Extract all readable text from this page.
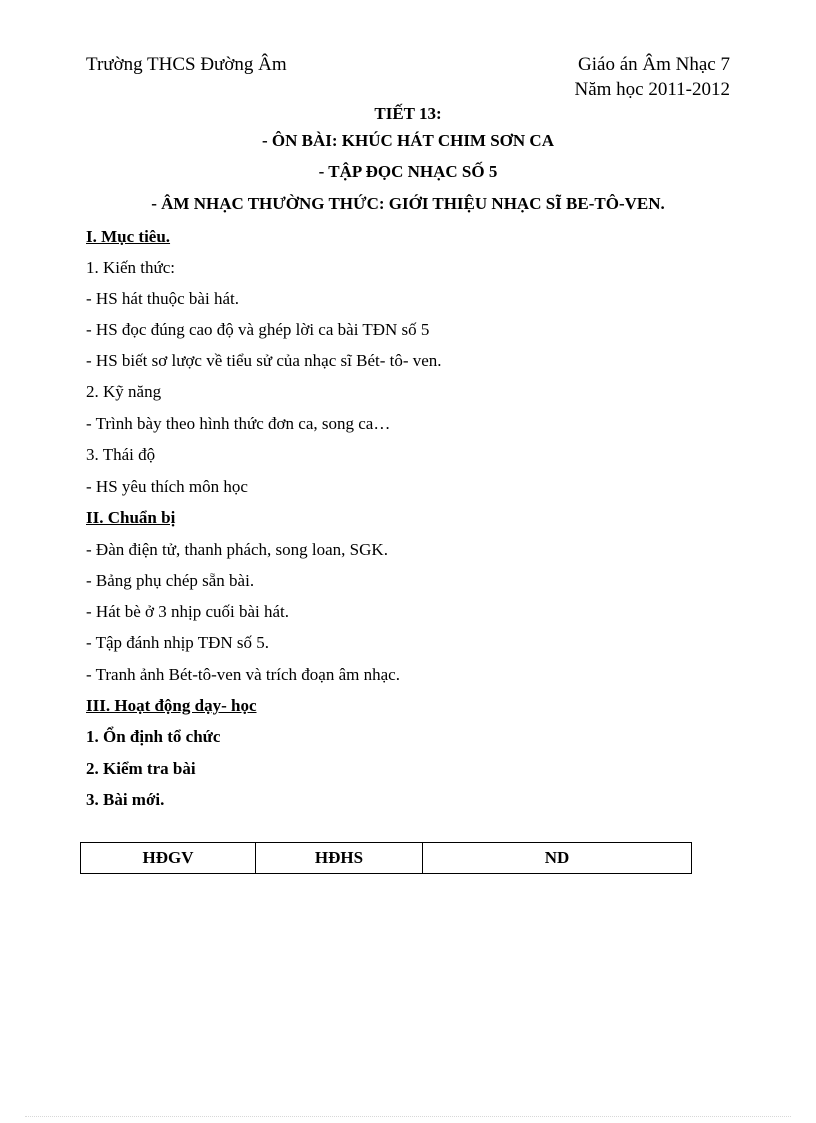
Trường THCS Đường Âm	Giáo án Âm Nhạc 7
Năm học 2011-2012
TIẾT 13:
- ÔN BÀI: KHÚC HÁT CHIM SƠN CA
- TẬP ĐỌC NHẠC SỐ 5
- ÂM NHẠC THƯỜNG THỨC: GIỚI THIỆU NHẠC SĨ BE-TÔ-VEN.
I. Mục tiêu.
1. Kiến thức:
- HS hát thuộc bài hát.
- HS đọc đúng cao độ và ghép lời ca bài TĐN số 5
- HS biết sơ lược về tiểu sử của nhạc sĩ Bét- tô- ven.
2. Kỹ năng
- Trình bày theo hình thức đơn ca, song ca…
3. Thái độ
- HS yêu thích môn học
II. Chuẩn bị
- Đàn điện tử, thanh phách, song loan, SGK.
- Bảng phụ chép sẵn bài.
- Hát bè ở 3 nhịp cuối bài hát.
- Tập đánh nhịp TĐN số 5.
- Tranh ảnh Bét-tô-ven và trích đoạn âm nhạc.
III. Hoạt động dạy- học
1. Ổn định tổ chức
2. Kiểm tra bài
3. Bài mới.
HĐGV	HĐHS	ND
